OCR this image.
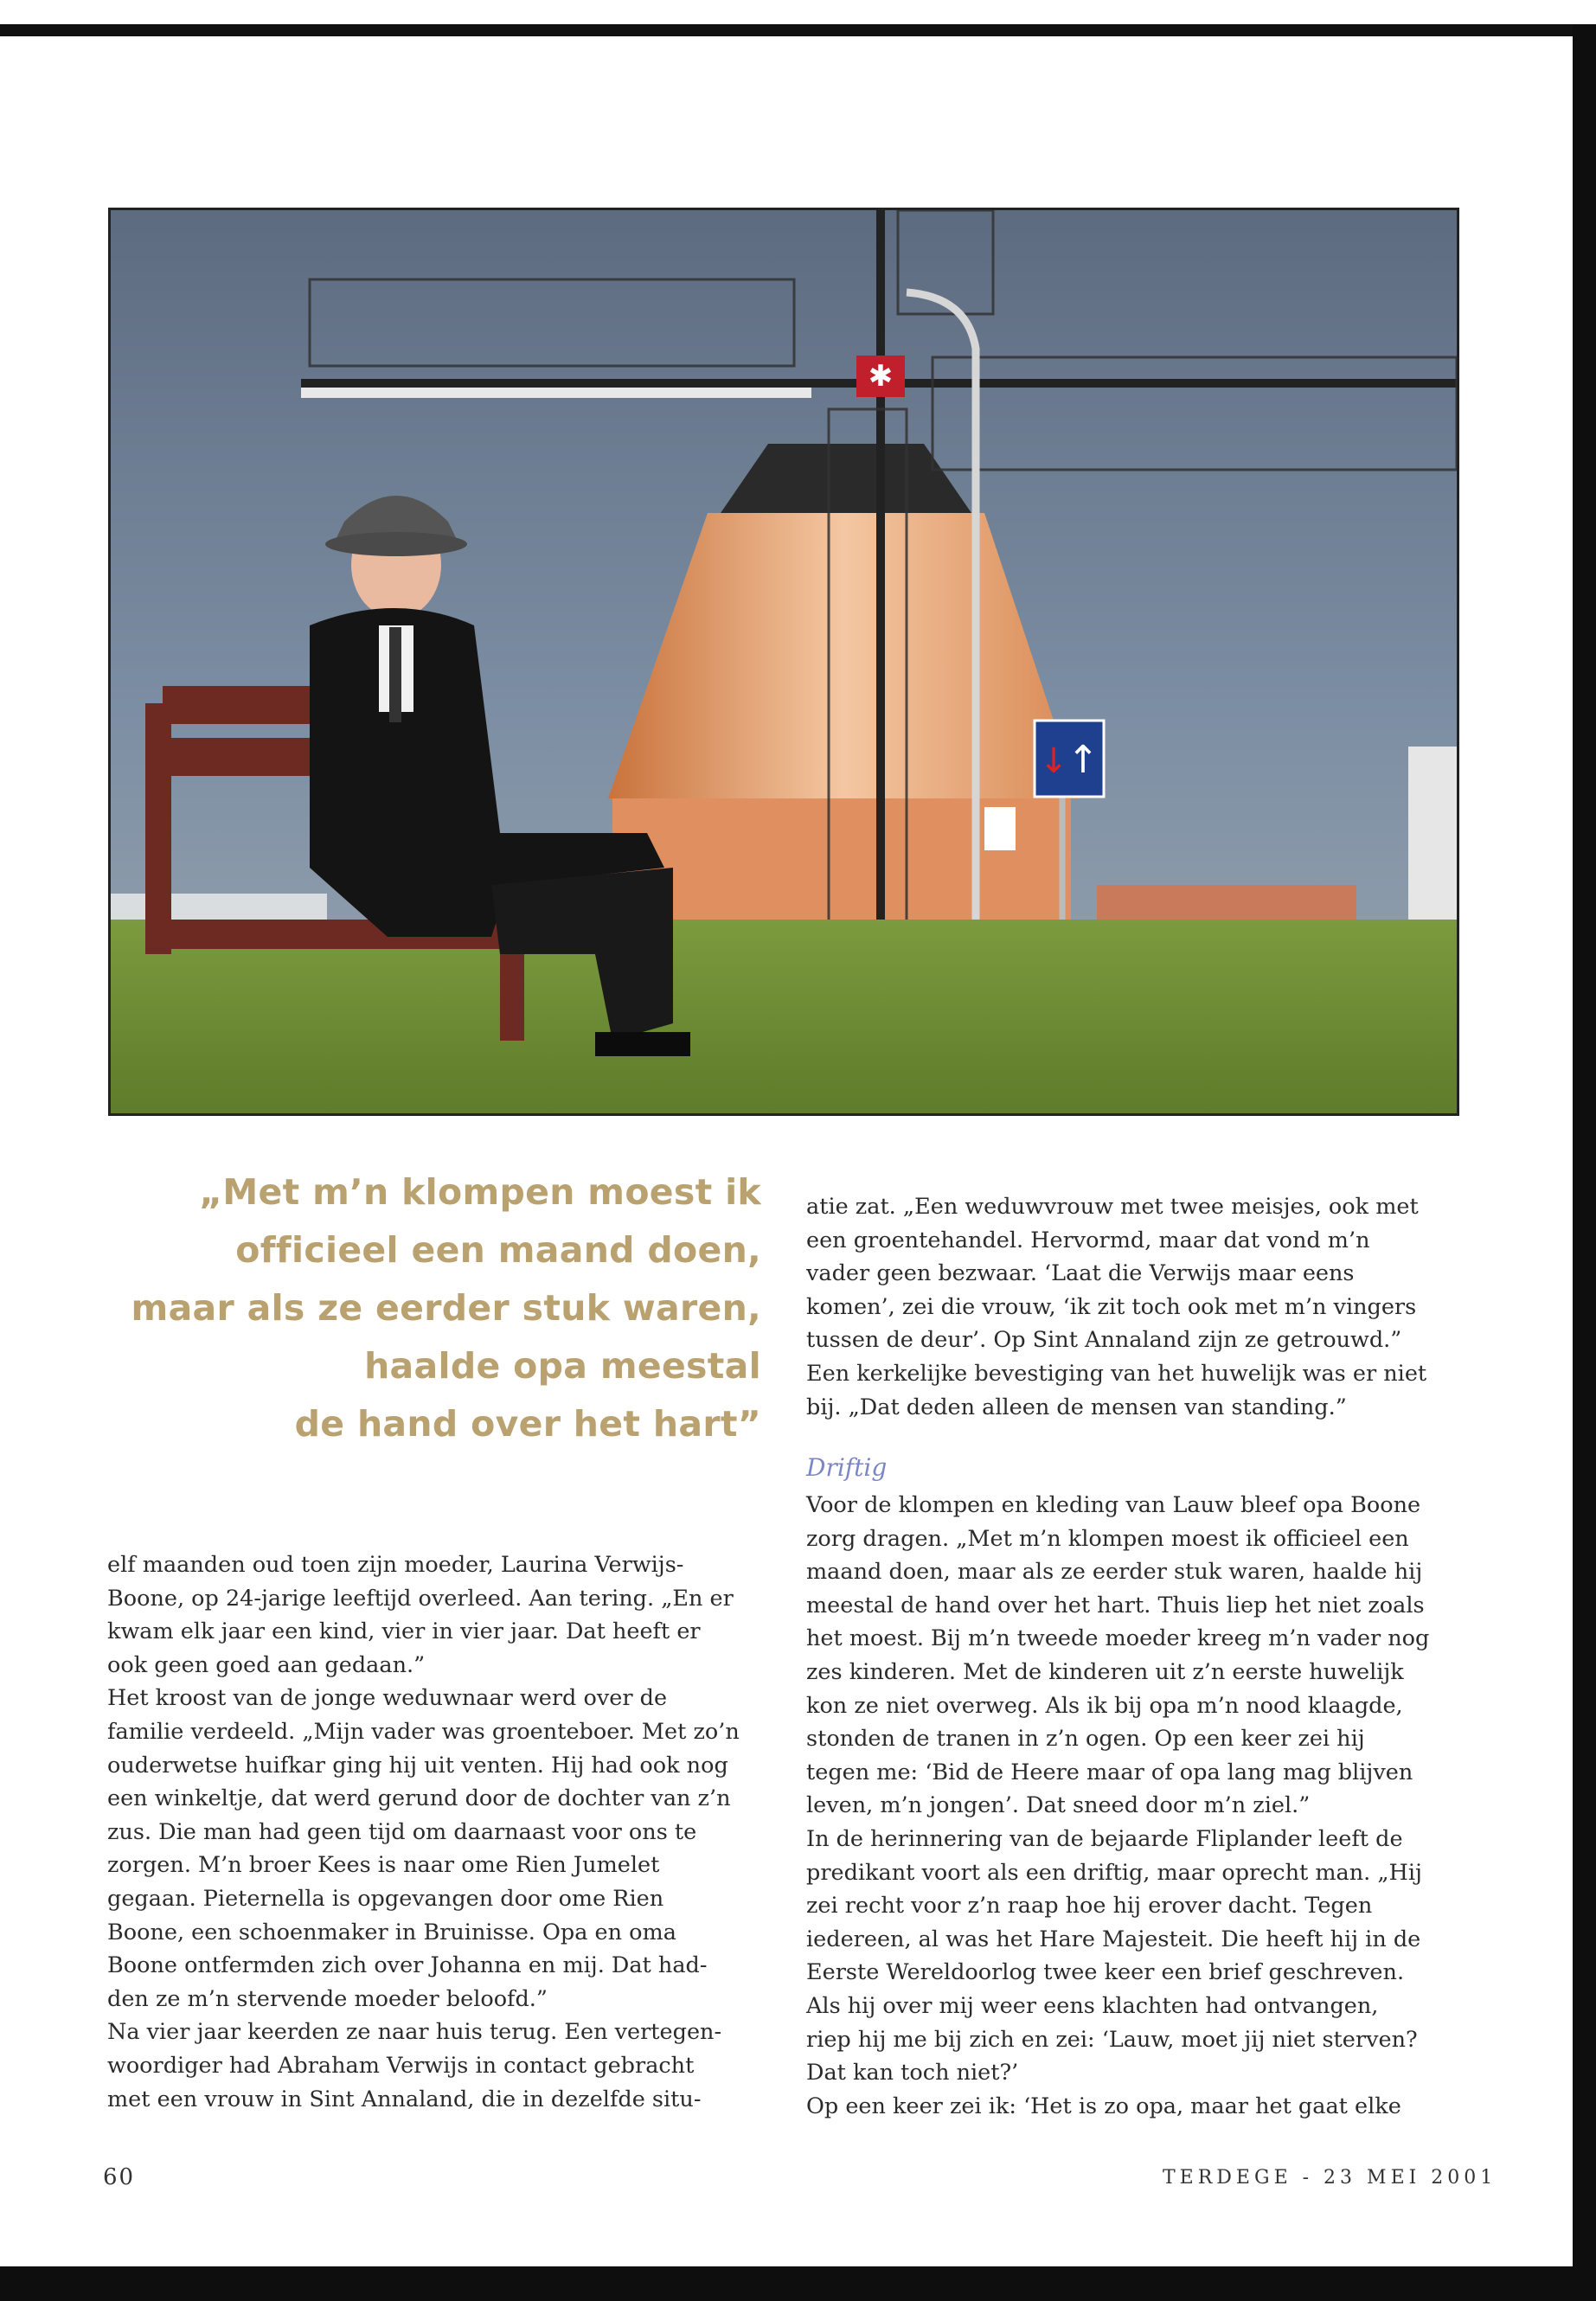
✱
↓
↑
„Met m’n klompen moest ik
officieel een maand doen,
maar als ze eerder stuk waren,
haalde opa meestal
de hand over het hart”

elf maanden oud toen zijn moeder, Laurina Verwijs-

Boone, op 24-jarige leeftijd overleed. Aan tering. „En er

kwam elk jaar een kind, vier in vier jaar. Dat heeft er

ook geen goed aan gedaan.”

Het kroost van de jonge weduwnaar werd over de

familie verdeeld. „Mijn vader was groenteboer. Met zo’n

ouderwetse huifkar ging hij uit venten. Hij had ook nog

een winkeltje, dat werd gerund door de dochter van z’n

zus. Die man had geen tijd om daarnaast voor ons te

zorgen. M’n broer Kees is naar ome Rien Jumelet

gegaan. Pieternella is opgevangen door ome Rien

Boone, een schoenmaker in Bruinisse. Opa en oma

Boone ontfermden zich over Johanna en mij. Dat had-

den ze m’n stervende moeder beloofd.”

Na vier jaar keerden ze naar huis terug. Een vertegen-

woordiger had Abraham Verwijs in contact gebracht

met een vrouw in Sint Annaland, die in dezelfde situ-

atie zat. „Een weduwvrouw met twee meisjes, ook met

een groentehandel. Hervormd, maar dat vond m’n

vader geen bezwaar. ‘Laat die Verwijs maar eens

komen’, zei die vrouw, ‘ik zit toch ook met m’n vingers

tussen de deur’. Op Sint Annaland zijn ze getrouwd.”

Een kerkelijke bevestiging van het huwelijk was er niet

bij. „Dat deden alleen de mensen van standing.”

Driftig

Voor de klompen en kleding van Lauw bleef opa Boone

zorg dragen. „Met m’n klompen moest ik officieel een

maand doen, maar als ze eerder stuk waren, haalde hij

meestal de hand over het hart. Thuis liep het niet zoals

het moest. Bij m’n tweede moeder kreeg m’n vader nog

zes kinderen. Met de kinderen uit z’n eerste huwelijk

kon ze niet overweg. Als ik bij opa m’n nood klaagde,

stonden de tranen in z’n ogen. Op een keer zei hij

tegen me: ‘Bid de Heere maar of opa lang mag blijven

leven, m’n jongen’. Dat sneed door m’n ziel.”

In de herinnering van de bejaarde Fliplander leeft de

predikant voort als een driftig, maar oprecht man. „Hij

zei recht voor z’n raap hoe hij erover dacht. Tegen

iedereen, al was het Hare Majesteit. Die heeft hij in de

Eerste Wereldoorlog twee keer een brief geschreven.

Als hij over mij weer eens klachten had ontvangen,

riep hij me bij zich en zei: ‘Lauw, moet jij niet sterven?

Dat kan toch niet?’

Op een keer zei ik: ‘Het is zo opa, maar het gaat elke

60	TERDEGE - 23 MEI 2001
